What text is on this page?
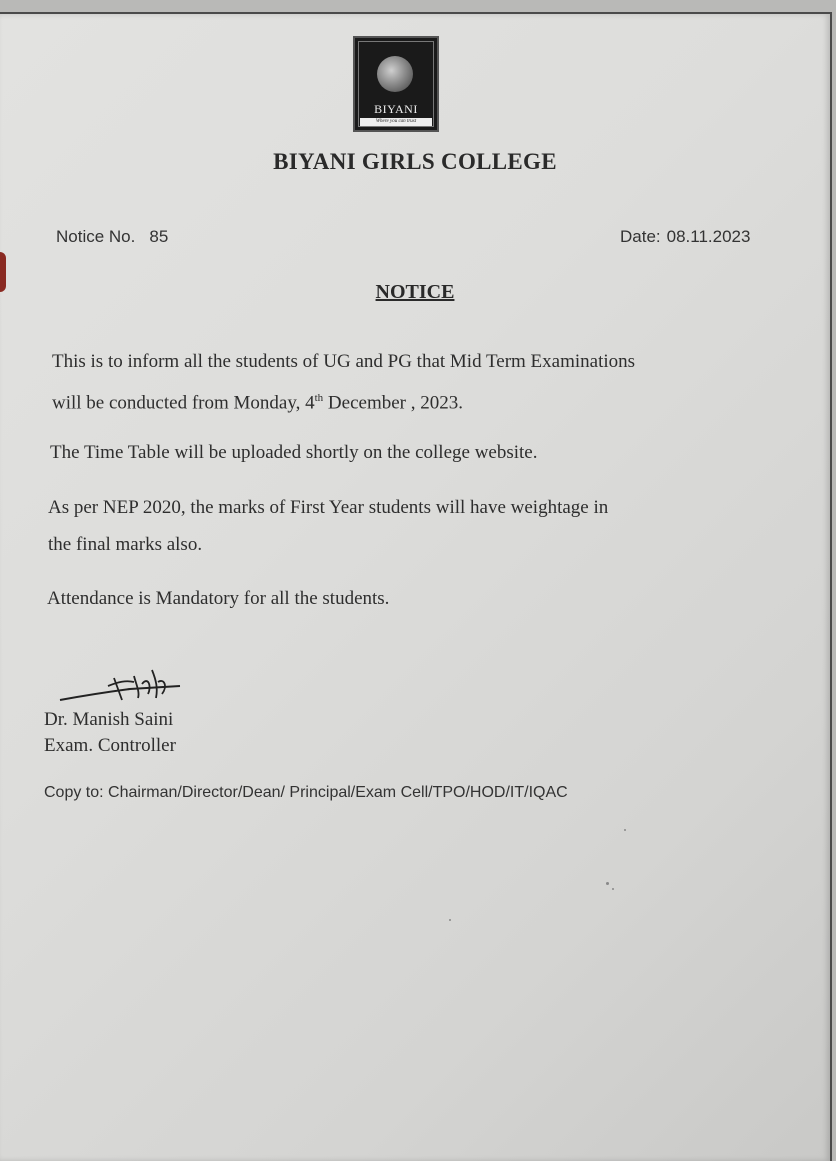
BIYANI
Where you can trust
BIYANI GIRLS COLLEGE
Notice No. 85	Date: 08.11.2023
NOTICE
This is to inform all the students of UG and PG that Mid Term Examinations
will be conducted from Monday, 4th December , 2023.
The Time Table will be uploaded shortly on the college website.
As per NEP 2020, the marks of First Year students will have weightage in
the final marks also.
Attendance is Mandatory for all the students.
Dr. Manish Saini
Exam. Controller
Copy to: Chairman/Director/Dean/ Principal/Exam Cell/TPO/HOD/IT/IQAC
